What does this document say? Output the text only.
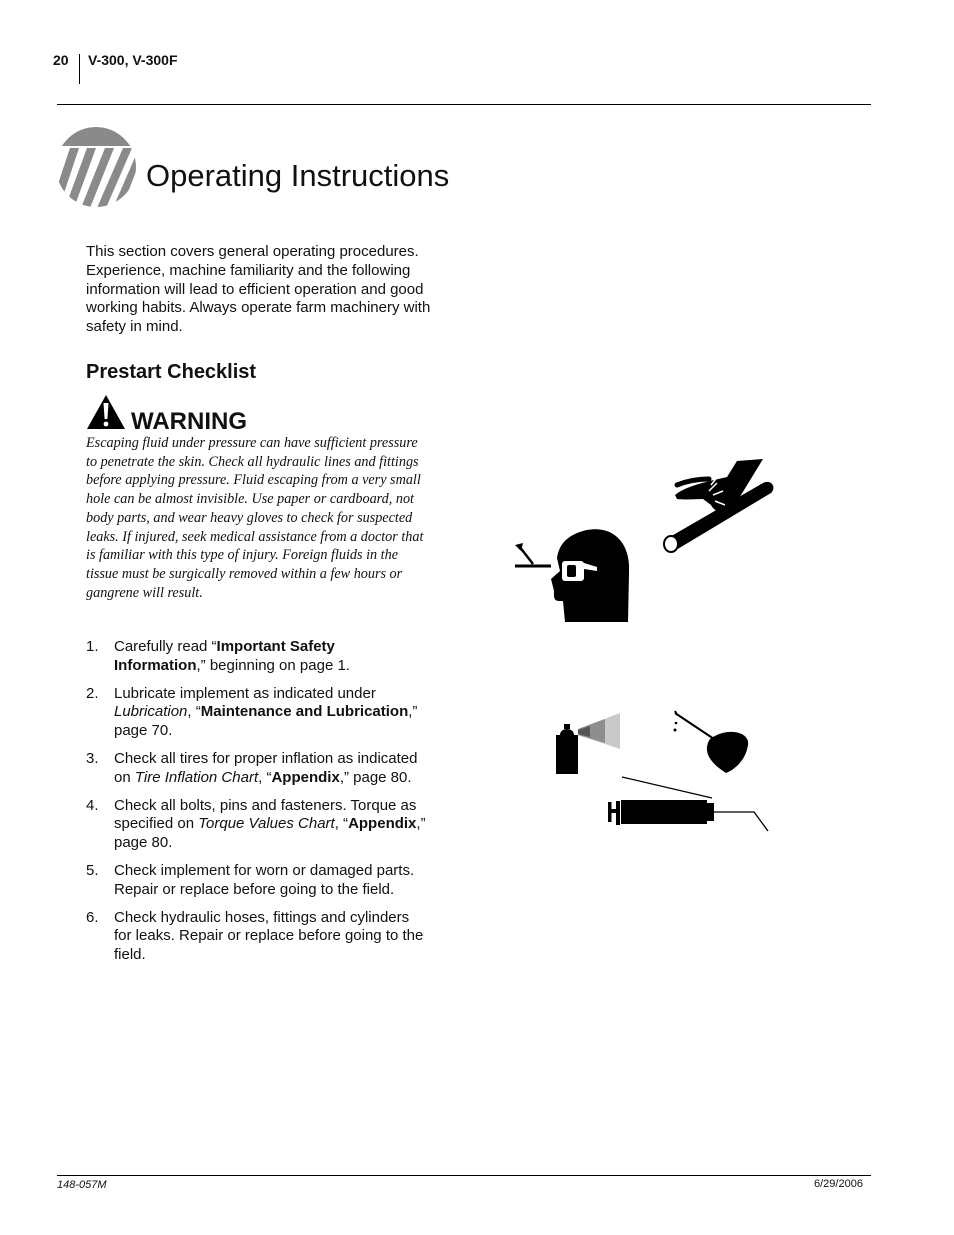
20 V-300, V-300F
Operating Instructions

This section covers general operating procedures. Experience, machine familiarity and the following information will lead to efficient operation and good working habits. Always operate farm machinery with safety in mind.

Prestart Checklist
WARNING
Escaping fluid under pressure can have sufficient pressure to penetrate the skin. Check all hydraulic lines and fittings before applying pressure. Fluid escaping from a very small hole can be almost invisible. Use paper or cardboard, not body parts, and wear heavy gloves to check for suspected leaks. If injured, seek medical assistance from a doctor that is familiar with this type of injury. Foreign fluids in the tissue must be surgically removed within a few hours or gangrene will result.
1. Carefully read “Important Safety Information,” beginning on page 1.
2. Lubricate implement as indicated under Lubrication, “Maintenance and Lubrication,” page 70.
3. Check all tires for proper inflation as indicated on Tire Inflation Chart, “Appendix,” page 80.
4. Check all bolts, pins and fasteners. Torque as specified on Torque Values Chart, “Appendix,” page 80.
5. Check implement for worn or damaged parts. Repair or replace before going to the field.
6. Check hydraulic hoses, fittings and cylinders for leaks. Repair or replace before going to the field.
148-057M	6/29/2006
